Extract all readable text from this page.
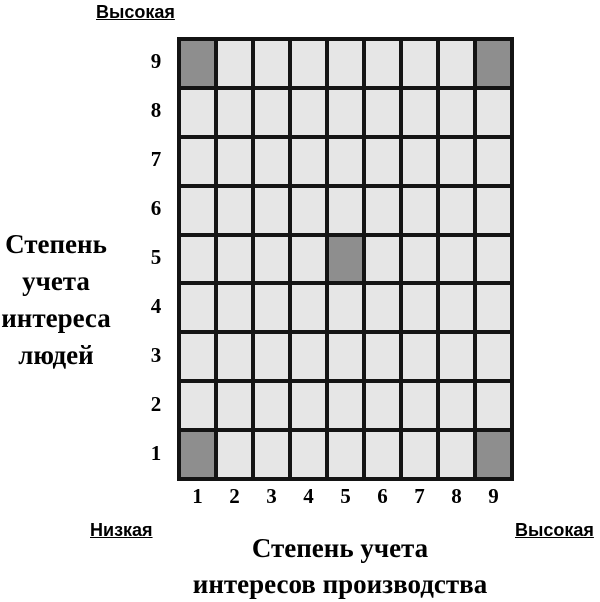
Высокая
Низкая	Высокая
Степень
учета
интереса
людей
Степень учета
интересов производства
9
8
7
6
5
4
3
2
1
1	2	3	4	5	6	7	8	9
